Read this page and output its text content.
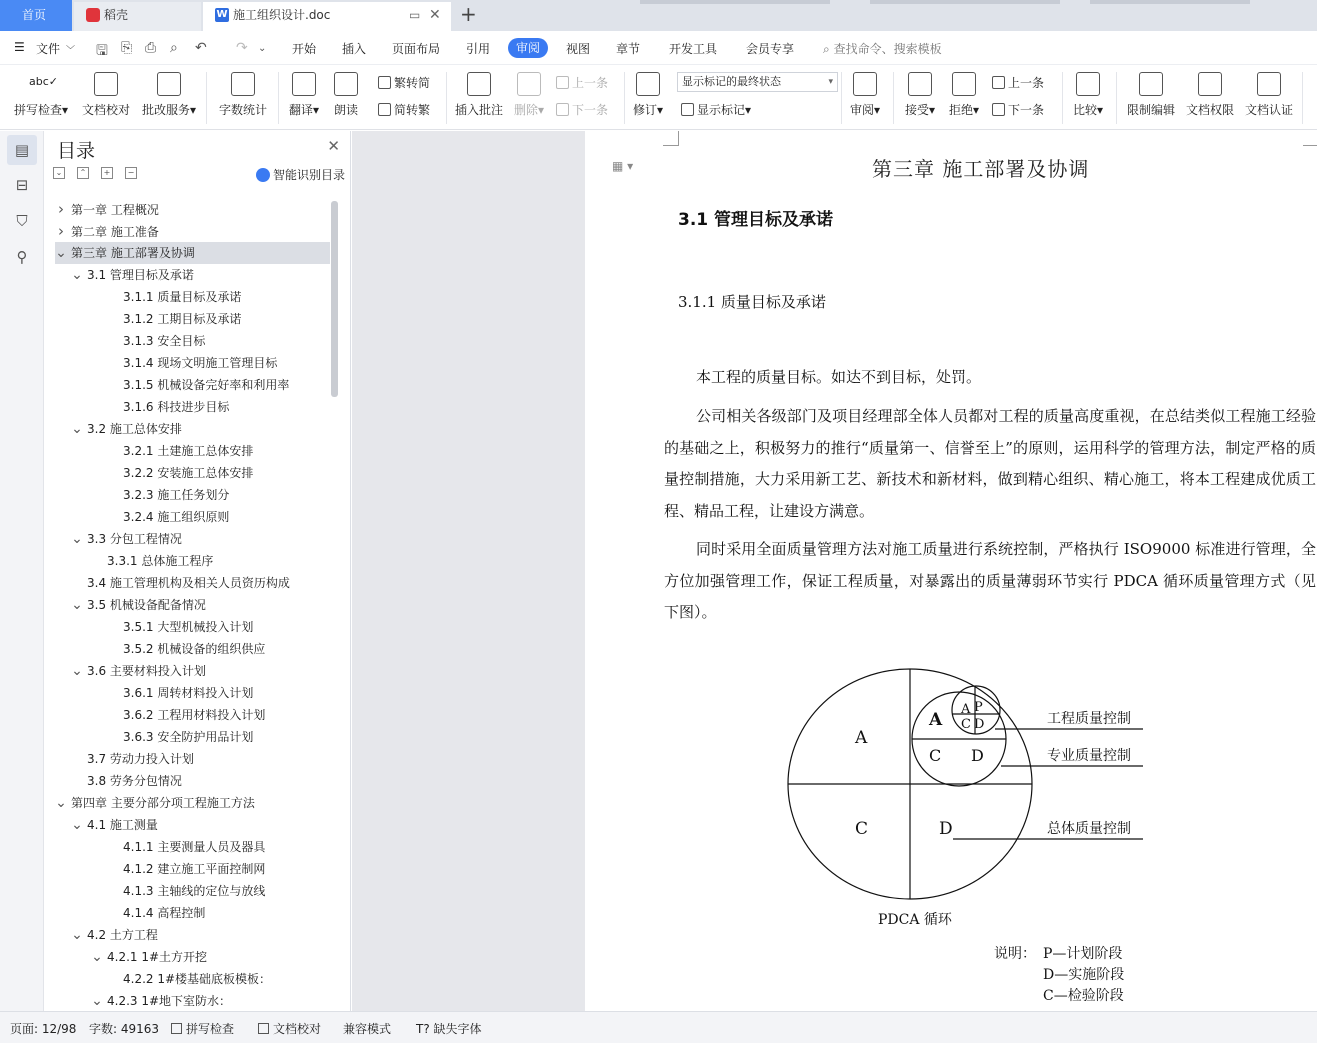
首页	稻壳	W 施工组织设计.doc	▭ ✕ +
☰ 文件 ﹀ 🖫 ⎘ ⎙ ⌕ ↶ ↷ ⌄ 开始 插入 页面布局 引用	审阅	视图 章节 开发工具 会员专享 ⌕ 查找命令、搜索模板
abc✓
拼写检查▾	文档校对 批改服务▾ 字数统计	翻译▾	朗读
繁转简
简转繁 插入批注 删除▾
上一条
下一条 修订▾
显示标记的最终状态	▾
显示标记▾	审阅▾	接受▾ 拒绝▾
上一条
下一条	比较▾	限制编辑 文档权限 文档认证
▤
⊟
⛉
⚲
目录	✕
⌄	⌃	+	−	智能识别目录
› 第一章 工程概况
› 第二章 施工准备
⌄ 第三章 施工部署及协调
⌄ 3.1 管理目标及承诺
3.1.1 质量目标及承诺
3.1.2 工期目标及承诺
3.1.3 安全目标
3.1.4 现场文明施工管理目标
3.1.5 机械设备完好率和利用率
3.1.6 科技进步目标
⌄ 3.2 施工总体安排
3.2.1 土建施工总体安排
3.2.2 安装施工总体安排
3.2.3 施工任务划分
3.2.4 施工组织原则
⌄ 3.3 分包工程情况
3.3.1 总体施工程序
3.4 施工管理机构及相关人员资历构成
⌄ 3.5 机械设备配备情况
3.5.1 大型机械投入计划
3.5.2 机械设备的组织供应
⌄ 3.6 主要材料投入计划
3.6.1 周转材料投入计划
3.6.2 工程用材料投入计划
3.6.3 安全防护用品计划
3.7 劳动力投入计划
3.8 劳务分包情况
⌄ 第四章 主要分部分项工程施工方法
⌄ 4.1 施工测量
4.1.1 主要测量人员及器具
4.1.2 建立施工平面控制网
4.1.3 主轴线的定位与放线
4.1.4 高程控制
⌄ 4.2 土方工程
⌄ 4.2.1 1#土方开挖
4.2.2 1#楼基础底板模板：
⌄ 4.2.3 1#地下室防水：
▦ ▾	第三章 施工部署及协调
3.1 管理目标及承诺
3.1.1 质量目标及承诺
本工程的质量目标。如达不到目标，处罚。
公司相关各级部门及项目经理部全体人员都对工程的质量高度重视，在总结类似工程施工经验的基础之上，积极努力的推行“质量第一、信誉至上”的原则，运用科学的管理方法，制定严格的质量控制措施，大力采用新工艺、新技术和新材料，做到精心组织、精心施工，将本工程建成优质工程、精品工程，让建设方满意。
同时采用全面质量管理方法对施工质量进行系统控制，严格执行 ISO9000 标准进行管理，全方位加强管理工作，保证工程质量，对暴露出的质量薄弱环节实行 PDCA 循环质量管理方式（见下图）。
A
C	D
A
C D
A P
C D	工程质量控制
专业质量控制
总体质量控制
PDCA 循环
说明： P—计划阶段
D—实施阶段
C—检验阶段
页面: 12/98 字数: 49163	拼写检查	文档校对 兼容模式 T? 缺失字体
